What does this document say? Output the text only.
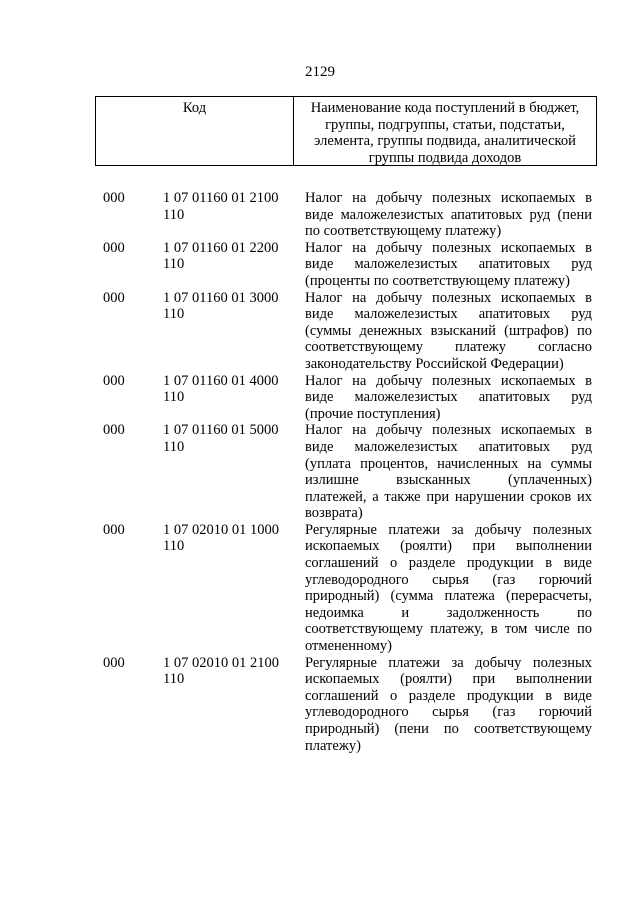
2129
Код	Наименование кода поступлений в бюджет, группы, подгруппы, статьи, подстатьи, элемента, группы подвида, аналитической группы подвида доходов
000	1 07 01160 01 2100 110
Налог на добычу полезных ископаемых в
виде маложелезистых апатитовых руд (пени
по соответствующему платежу)
000	1 07 01160 01 2200 110
Налог на добычу полезных ископаемых в
виде маложелезистых апатитовых руд
(проценты по соответствующему платежу)
000	1 07 01160 01 3000 110
Налог на добычу полезных ископаемых в
виде маложелезистых апатитовых руд
(суммы денежных взысканий (штрафов) по
соответствующему платежу согласно
законодательству Российской Федерации)
000	1 07 01160 01 4000 110
Налог на добычу полезных ископаемых в
виде маложелезистых апатитовых руд
(прочие поступления)
000	1 07 01160 01 5000 110
Налог на добычу полезных ископаемых в
виде маложелезистых апатитовых руд
(уплата процентов, начисленных на суммы
излишне взысканных (уплаченных)
платежей, а также при нарушении сроков их
возврата)
000	1 07 02010 01 1000 110
Регулярные платежи за добычу полезных
ископаемых (роялти) при выполнении
соглашений о разделе продукции в виде
углеводородного сырья (газ горючий
природный) (сумма платежа (перерасчеты,
недоимка и задолженность по
соответствующему платежу, в том числе по
отмененному)
000	1 07 02010 01 2100 110
Регулярные платежи за добычу полезных
ископаемых (роялти) при выполнении
соглашений о разделе продукции в виде
углеводородного сырья (газ горючий
природный) (пени по соответствующему
платежу)
